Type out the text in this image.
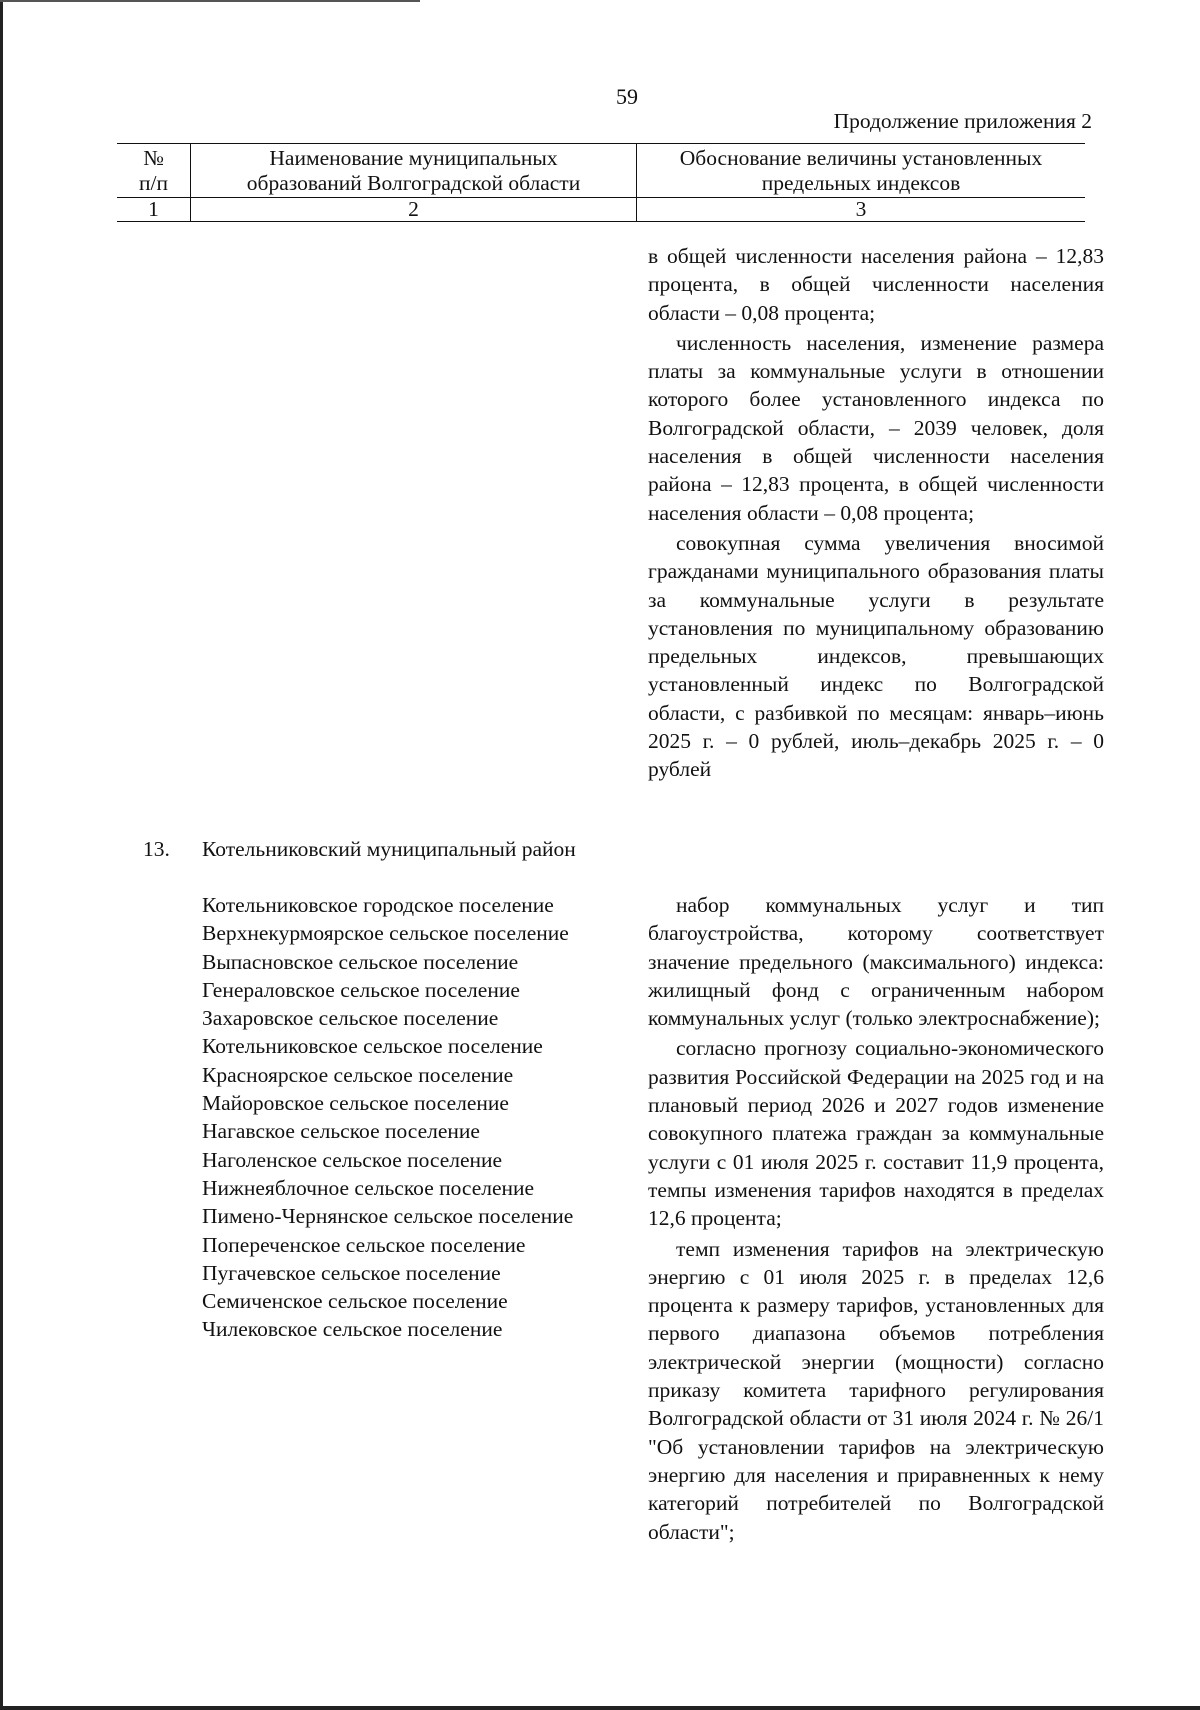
59
Продолжение приложения 2
№
п/п
Наименование муниципальных
образований Волгоградской области
Обоснование величины установленных
предельных индексов
1	2	3

в общей численности населения района – 12,83 процента, в общей численности населения области – 0,08 процента;

численность населения, изменение размера платы за коммунальные услуги в отношении которого более установленного индекса по Волгоградской области, – 2039 человек, доля населения в общей численности населения района – 12,83 процента, в общей численности населения области – 0,08 процента;

совокупная сумма увеличения вносимой гражданами муниципального образования платы за коммунальные услуги в результате установления по муниципальному образованию предельных индексов, превышающих установленный индекс по Волгоградской области, с разбивкой по месяцам: январь–июнь 2025 г. – 0 рублей, июль–декабрь 2025 г. – 0 рублей

13. Котельниковский муниципальный район
Котельниковское городское поселение
Верхнекурмоярское сельское поселение
Выпасновское сельское поселение
Генераловское сельское поселение
Захаровское сельское поселение
Котельниковское сельское поселение
Красноярское сельское поселение
Майоровское сельское поселение
Нагавское сельское поселение
Наголенское сельское поселение
Нижнеяблочное сельское поселение
Пимено-Чернянское сельское поселение
Попереченское сельское поселение
Пугачевское сельское поселение
Семиченское сельское поселение
Чилековское сельское поселение

набор коммунальных услуг и тип благоустройства, которому соответствует значение предельного (максимального) индекса: жилищный фонд с ограниченным набором коммунальных услуг (только электроснабжение);

согласно прогнозу социально-экономического развития Российской Федерации на 2025 год и на плановый период 2026 и 2027 годов изменение совокупного платежа граждан за коммунальные услуги с 01 июля 2025 г. составит 11,9 процента, темпы изменения тарифов находятся в пределах 12,6 процента;

темп изменения тарифов на электрическую энергию с 01 июля 2025 г. в пределах 12,6 процента к размеру тарифов, установленных для первого диапазона объемов потребления электрической энергии (мощности) согласно приказу комитета тарифного регулирования Волгоградской области от 31 июля 2024 г. № 26/1 "Об установлении тарифов на электрическую энергию для населения и приравненных к нему категорий потребителей по Волгоградской области";
